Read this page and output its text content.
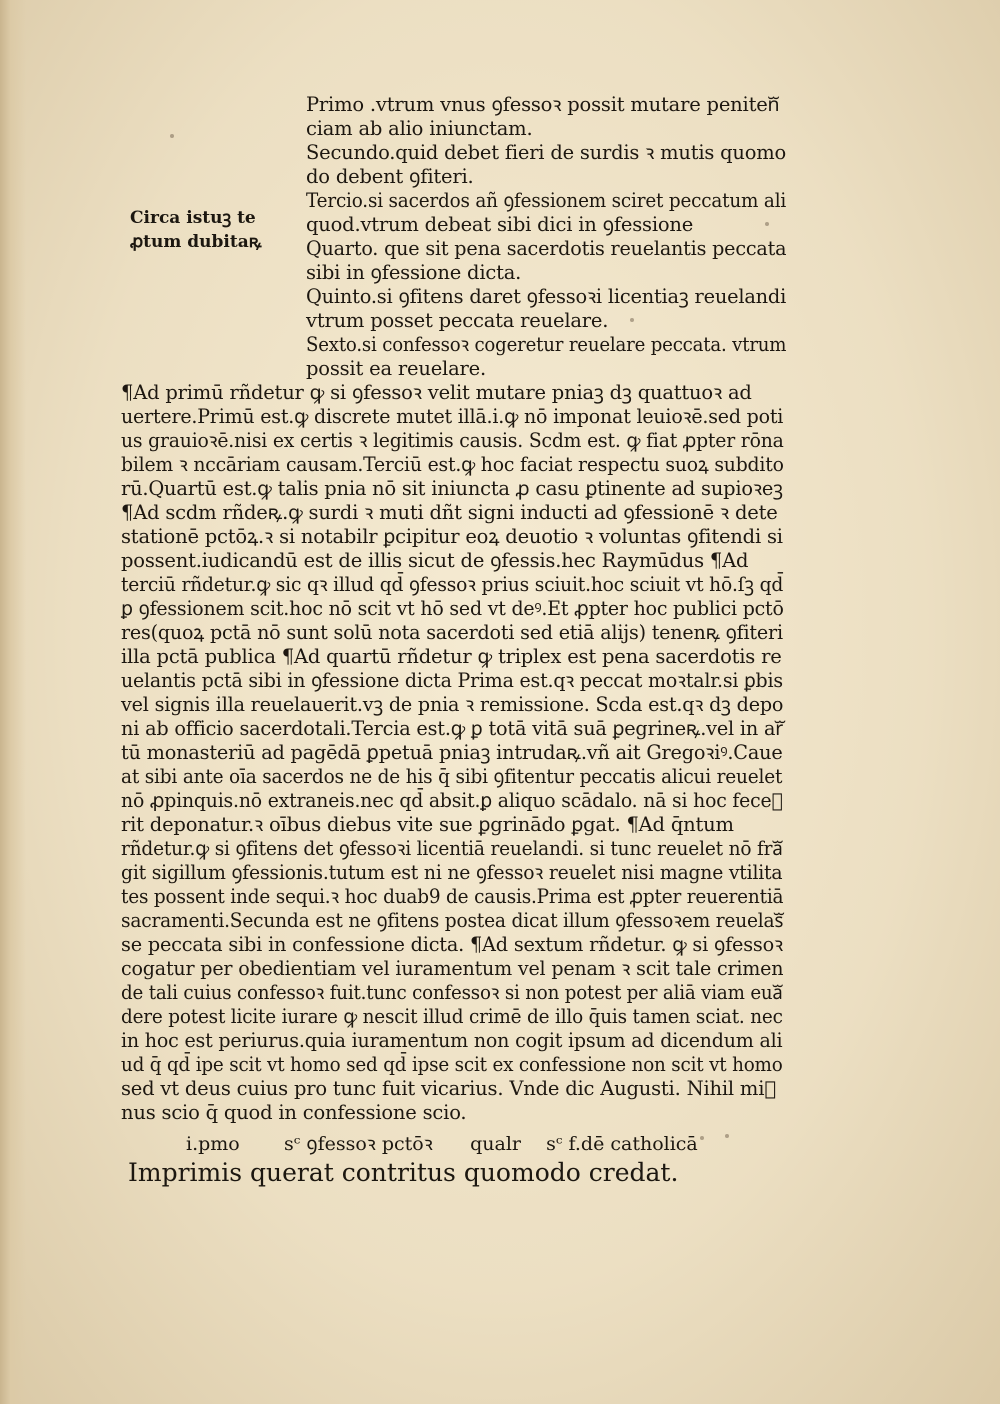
Circa istuꝫ te
ꝓtum dubitaꝶ
Primo .vtrum vnus ꝯfessoꝛ possit mutare penitenᷓ
ciam ab alio iniunctam.
Secundo.quid debet fieri de surdis ꝛ mutis quomo
do debent ꝯfiteri.
Tercio.si sacerdos añ ꝯfessionem sciret peccatum ali
quod.vtrum debeat sibi dici in ꝯfessione
Quarto. que sit pena sacerdotis reuelantis peccata
sibi in ꝯfessione dicta.
Quinto.si ꝯfitens daret ꝯfessoꝛi licentiaꝫ reuelandi
vtrum posset peccata reuelare.
Sexto.si confessoꝛ cogeretur reuelare peccata. vtrum
possit ea reuelare.
¶Ad primū rñdetur ꝙ si ꝯfessoꝛ velit mutare pniaꝫ dꝫ quattuoꝛ ad
uertere.Primū est.ꝙ discrete mutet illā.i.ꝙ nō imponat leuioꝛē.sed poti
us grauioꝛē.nisi ex certis ꝛ legitimis causis. Scdm est. ꝙ fiat ꝓpter rōna
bilem ꝛ nccāriam causam.Terciū est.ꝙ hoc faciat respectu suoꝝ subdito
rū.Quartū est.ꝙ talis pnia nō sit iniuncta ꝓ casu ꝑtinente ad supioꝛeꝫ
¶Ad scdm rñdeꝶ.ꝙ surdi ꝛ muti dñt signi inducti ad ꝯfessionē ꝛ dete
stationē pctōꝝ.ꝛ si notabilr ꝑcipitur eoꝝ deuotio ꝛ voluntas ꝯfitendi si
possent.iudicandū est de illis sicut de ꝯfessis.hec Raymūdus ¶Ad
terciū rñdetur.ꝙ sic qꝛ illud qd̄ ꝯfessoꝛ prius sciuit.hoc sciuit vt hō.ſꝫ qd̄
ꝑ ꝯfessionem scit.hoc nō scit vt hō sed vt deꝰ.Et ꝓpter hoc publici pctō
res(quoꝝ pctā nō sunt solū nota sacerdoti sed etiā alijs) tenenꝶ ꝯfiteri
illa pctā publica ¶Ad quartū rñdetur ꝙ triplex est pena sacerdotis re
uelantis pctā sibi in ꝯfessione dicta Prima est.qꝛ peccat moꝛtalr.si ꝑbis
vel signis illa reuelauerit.vꝫ de pnia ꝛ remissione. Scda est.qꝛ dꝫ depo
ni ab officio sacerdotali.Tercia est.ꝙ ꝑ totā vitā suā ꝑegrineꝶ.vel in arᷓ
tū monasteriū ad pagēdā ꝑpetuā pniaꝫ intrudaꝶ.vñ ait Gregoꝛiꝰ.Caue
at sibi ante oīa sacerdos ne de his q̄ sibi ꝯfitentur peccatis alicui reuelet
nō ꝓpinquis.nō extraneis.nec qd̄ absit.ꝑ aliquo scādalo. nā si hoc feceᷓ
rit deponatur.ꝛ oībus diebus vite sue ꝑgrinādo ꝑgat. ¶Ad q̄ntum
rñdetur.ꝙ si ꝯfitens det ꝯfessoꝛi licentiā reuelandi. si tunc reuelet nō fraᷓ
git sigillum ꝯfessionis.tutum est ni ne ꝯfessoꝛ reuelet nisi magne vtilita
tes possent inde sequi.ꝛ hoc duab9 de causis.Prima est ꝓpter reuerentiā
sacramenti.Secunda est ne ꝯfitens postea dicat illum ꝯfessoꝛem reuelasᷓ
se peccata sibi in confessione dicta. ¶Ad sextum rñdetur. ꝙ si ꝯfessoꝛ
cogatur per obedientiam vel iuramentum vel penam ꝛ scit tale crimen
de tali cuius confessoꝛ fuit.tunc confessoꝛ si non potest per aliā viam euaᷓ
dere potest licite iurare ꝙ nescit illud crimē de illo q̄uis tamen sciat. nec
in hoc est periurus.quia iuramentum non cogit ipsum ad dicendum ali
ud q̄ qd̄ ipe scit vt homo sed qd̄ ipse scit ex confessione non scit vt homo
sed vt deus cuius pro tunc fuit vicarius. Vnde dic Augusti. Nihil miᷓ
nus scio q̄ quod in confessione scio.
i.pmo sᶜ ꝯfessoꝛ pctōꝛ qualr sᶜ f.dē catholicā
Imprimis querat contritus quomodo credat.
